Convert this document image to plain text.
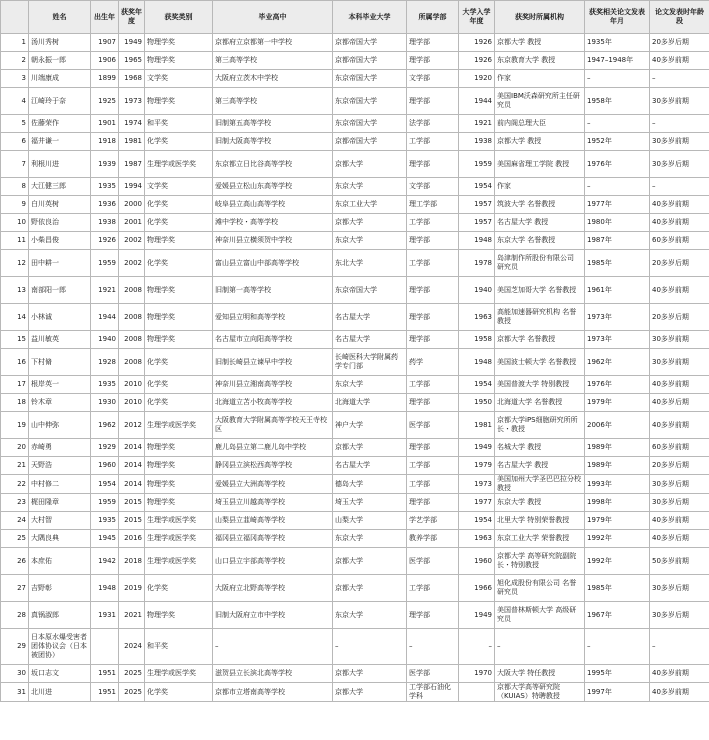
	姓名	出生年	获奖年度	获奖类别	毕业高中	本科毕业大学	所属学部	大学入学年度	获奖时所属机构	获奖相关论文发表年月	论文发表时年龄段
1	汤川秀树	1907	1949	物理学奖	京都府立京都第一中学校	京都帝国大学	理学部	1926	京都大学 教授	1935年	20多岁后期
2	朝永振一郎	1906	1965	物理学奖	第三高等学校	京都帝国大学	理学部	1926	东京教育大学 教授	1947–1948年	40多岁前期
3	川端康成	1899	1968	文学奖	大阪府立茨木中学校	东京帝国大学	文学部	1920	作家	–	–
4	江崎玲于奈	1925	1973	物理学奖	第三高等学校	东京帝国大学	理学部	1944	美国IBM沃森研究所主任研究员	1958年	30多岁前期
5	佐藤荣作	1901	1974	和平奖	旧制第五高等学校	东京帝国大学	法学部	1921	前内阁总理大臣	–	–
6	福井谦一	1918	1981	化学奖	旧制大阪高等学校	京都帝国大学	工学部	1938	京都大学 教授	1952年	30多岁前期
7	利根川进	1939	1987	生理学或医学奖	东京都立日比谷高等学校	京都大学	理学部	1959	美国麻省理工学院 教授	1976年	30多岁后期
8	大江健三郎	1935	1994	文学奖	爱媛县立松山东高等学校	东京大学	文学部	1954	作家	–	–
9	白川英树	1936	2000	化学奖	岐阜县立高山高等学校	东京工业大学	理工学部	1957	筑波大学 名誉教授	1977年	40多岁前期
10	野依良治	1938	2001	化学奖	滩中学校・高等学校	京都大学	工学部	1957	名古屋大学 教授	1980年	40多岁前期
11	小柴昌俊	1926	2002	物理学奖	神奈川县立横须贺中学校	东京大学	理学部	1948	东京大学 名誉教授	1987年	60多岁前期
12	田中耕一	1959	2002	化学奖	富山县立富山中部高等学校	东北大学	工学部	1978	岛津制作所股份有限公司 研究员	1985年	20多岁后期
13	南部阳一郎	1921	2008	物理学奖	旧制第一高等学校	东京帝国大学	理学部	1940	美国芝加哥大学 名誉教授	1961年	40多岁前期
14	小林诚	1944	2008	物理学奖	爱知县立明和高等学校	名古屋大学	理学部	1963	高能加速器研究机构 名誉教授	1973年	20多岁后期
15	益川敏英	1940	2008	物理学奖	名古屋市立向阳高等学校	名古屋大学	理学部	1958	京都大学 名誉教授	1973年	30多岁前期
16	下村脩	1928	2008	化学奖	旧制长崎县立谏早中学校	长崎医科大学附属药学专门部	药学	1948	美国波士顿大学 名誉教授	1962年	30多岁前期
17	根岸英一	1935	2010	化学奖	神奈川县立湘南高等学校	东京大学	工学部	1954	美国普渡大学 特别教授	1976年	40多岁前期
18	铃木章	1930	2010	化学奖	北海道立苫小牧高等学校	北海道大学	理学部	1950	北海道大学 名誉教授	1979年	40多岁后期
19	山中伸弥	1962	2012	生理学或医学奖	大阪教育大学附属高等学校天王寺校区	神户大学	医学部	1981	京都大学iPS细胞研究所所长・教授	2006年	40多岁前期
20	赤崎勇	1929	2014	物理学奖	鹿儿岛县立第二鹿儿岛中学校	京都大学	理学部	1949	名城大学 教授	1989年	60多岁前期
21	天野浩	1960	2014	物理学奖	静冈县立滨松西高等学校	名古屋大学	工学部	1979	名古屋大学 教授	1989年	20多岁后期
22	中村修二	1954	2014	物理学奖	爱媛县立大洲高等学校	德岛大学	工学部	1973	美国加州大学圣巴巴拉分校 教授	1993年	30多岁后期
23	梶田隆章	1959	2015	物理学奖	埼玉县立川越高等学校	埼玉大学	理学部	1977	东京大学 教授	1998年	30多岁后期
24	大村智	1935	2015	生理学或医学奖	山梨县立韮崎高等学校	山梨大学	学艺学部	1954	北里大学 特别荣誉教授	1979年	40多岁前期
25	大隅良典	1945	2016	生理学或医学奖	福冈县立福冈高等学校	东京大学	教养学部	1963	东京工业大学 荣誉教授	1992年	40多岁后期
26	本庶佑	1942	2018	生理学或医学奖	山口县立宇部高等学校	京都大学	医学部	1960	京都大学 高等研究院副院长・特别教授	1992年	50多岁前期
27	吉野彰	1948	2019	化学奖	大阪府立北野高等学校	京都大学	工学部	1966	旭化成股份有限公司 名誉研究员	1985年	30多岁后期
28	真锅淑郎	1931	2021	物理学奖	旧制大阪府立市中学校	东京大学	理学部	1949	美国普林斯顿大学 高级研究员	1967年	30多岁后期
29	日本原水爆受害者团体协议会（日本被团协）		2024	和平奖	–	–	–	–	–	–	–
30	坂口志文	1951	2025	生理学或医学奖	滋贺县立长滨北高等学校	京都大学	医学部	1970	大阪大学 特任教授	1995年	40多岁前期
31	北川进	1951	2025	化学奖	京都市立塔南高等学校	京都大学	工学部石油化学科		京都大学高等研究院（KUIAS）特聘教授	1997年	40多岁前期
